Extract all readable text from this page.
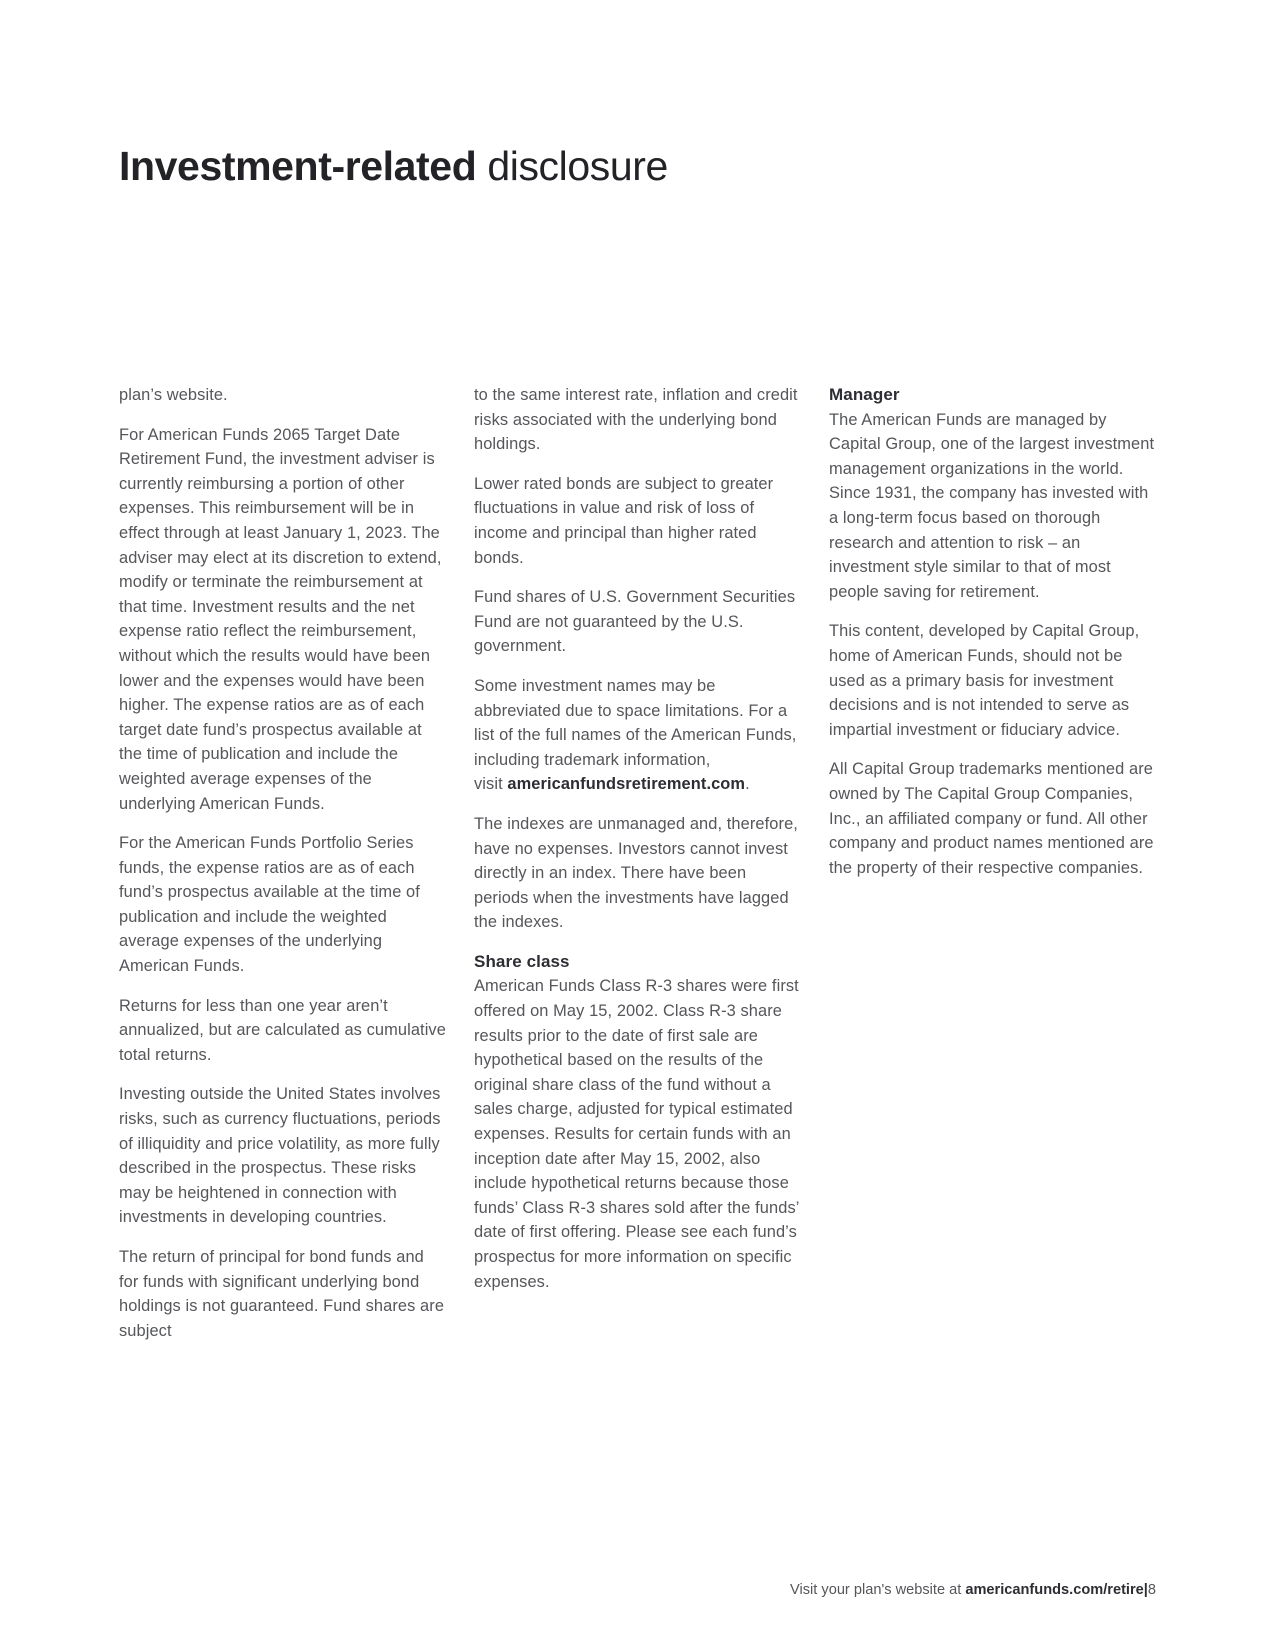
Investment-related disclosure

plan’s website.

For American Funds 2065 Target Date Retirement Fund, the investment adviser is currently reimbursing a portion of other expenses. This reimbursement will be in effect through at least January 1, 2023. The adviser may elect at its discretion to extend, modify or terminate the reimbursement at that time. Investment results and the net expense ratio reflect the reimbursement, without which the results would have been lower and the expenses would have been higher. The expense ratios are as of each target date fund’s prospectus available at the time of publication and include the weighted average expenses of the underlying American Funds.

For the American Funds Portfolio Series funds, the expense ratios are as of each fund’s prospectus available at the time of publication and include the weighted average expenses of the underlying American Funds.

Returns for less than one year aren’t annualized, but are calculated as cumulative total returns.

Investing outside the United States involves risks, such as currency fluctuations, periods of illiquidity and price volatility, as more fully described in the prospectus. These risks may be heightened in connection with investments in developing countries.

The return of principal for bond funds and for funds with significant underlying bond holdings is not guaranteed. Fund shares are subject

to the same interest rate, inflation and credit risks associated with the underlying bond holdings.

Lower rated bonds are subject to greater fluctuations in value and risk of loss of income and principal than higher rated bonds.

Fund shares of U.S. Government Securities Fund are not guaranteed by the U.S. government.

Some investment names may be abbreviated due to space limitations. For a list of the full names of the American Funds, including trademark information,
visit americanfundsretirement.com.

The indexes are unmanaged and, therefore, have no expenses. Investors cannot invest directly in an index. There have been periods when the investments have lagged
the indexes.

Share class

American Funds Class R-3 shares were first offered on May 15, 2002. Class R-3 share results prior to the date of first sale are hypothetical based on the results of the original share class of the fund without a sales charge, adjusted for typical estimated expenses. Results for certain funds with an inception date after May 15, 2002, also include hypothetical returns because those funds’ Class R-3 shares sold after the funds’ date of first offering. Please see each fund’s prospectus for more information on specific expenses.

Manager

The American Funds are managed by Capital Group, one of the largest investment management organizations in the world. Since 1931, the company has invested with a long-term focus based on thorough research and attention to risk – an investment style similar to that of most people saving for retirement.

This content, developed by Capital Group, home of American Funds, should not be used as a primary basis for investment decisions and is not intended to serve as impartial investment or fiduciary advice.

All Capital Group trademarks mentioned are owned by The Capital Group Companies, Inc., an affiliated company or fund. All other company and product names mentioned are the property of their respective companies.

Visit your plan's website at americanfunds.com/retire|8
